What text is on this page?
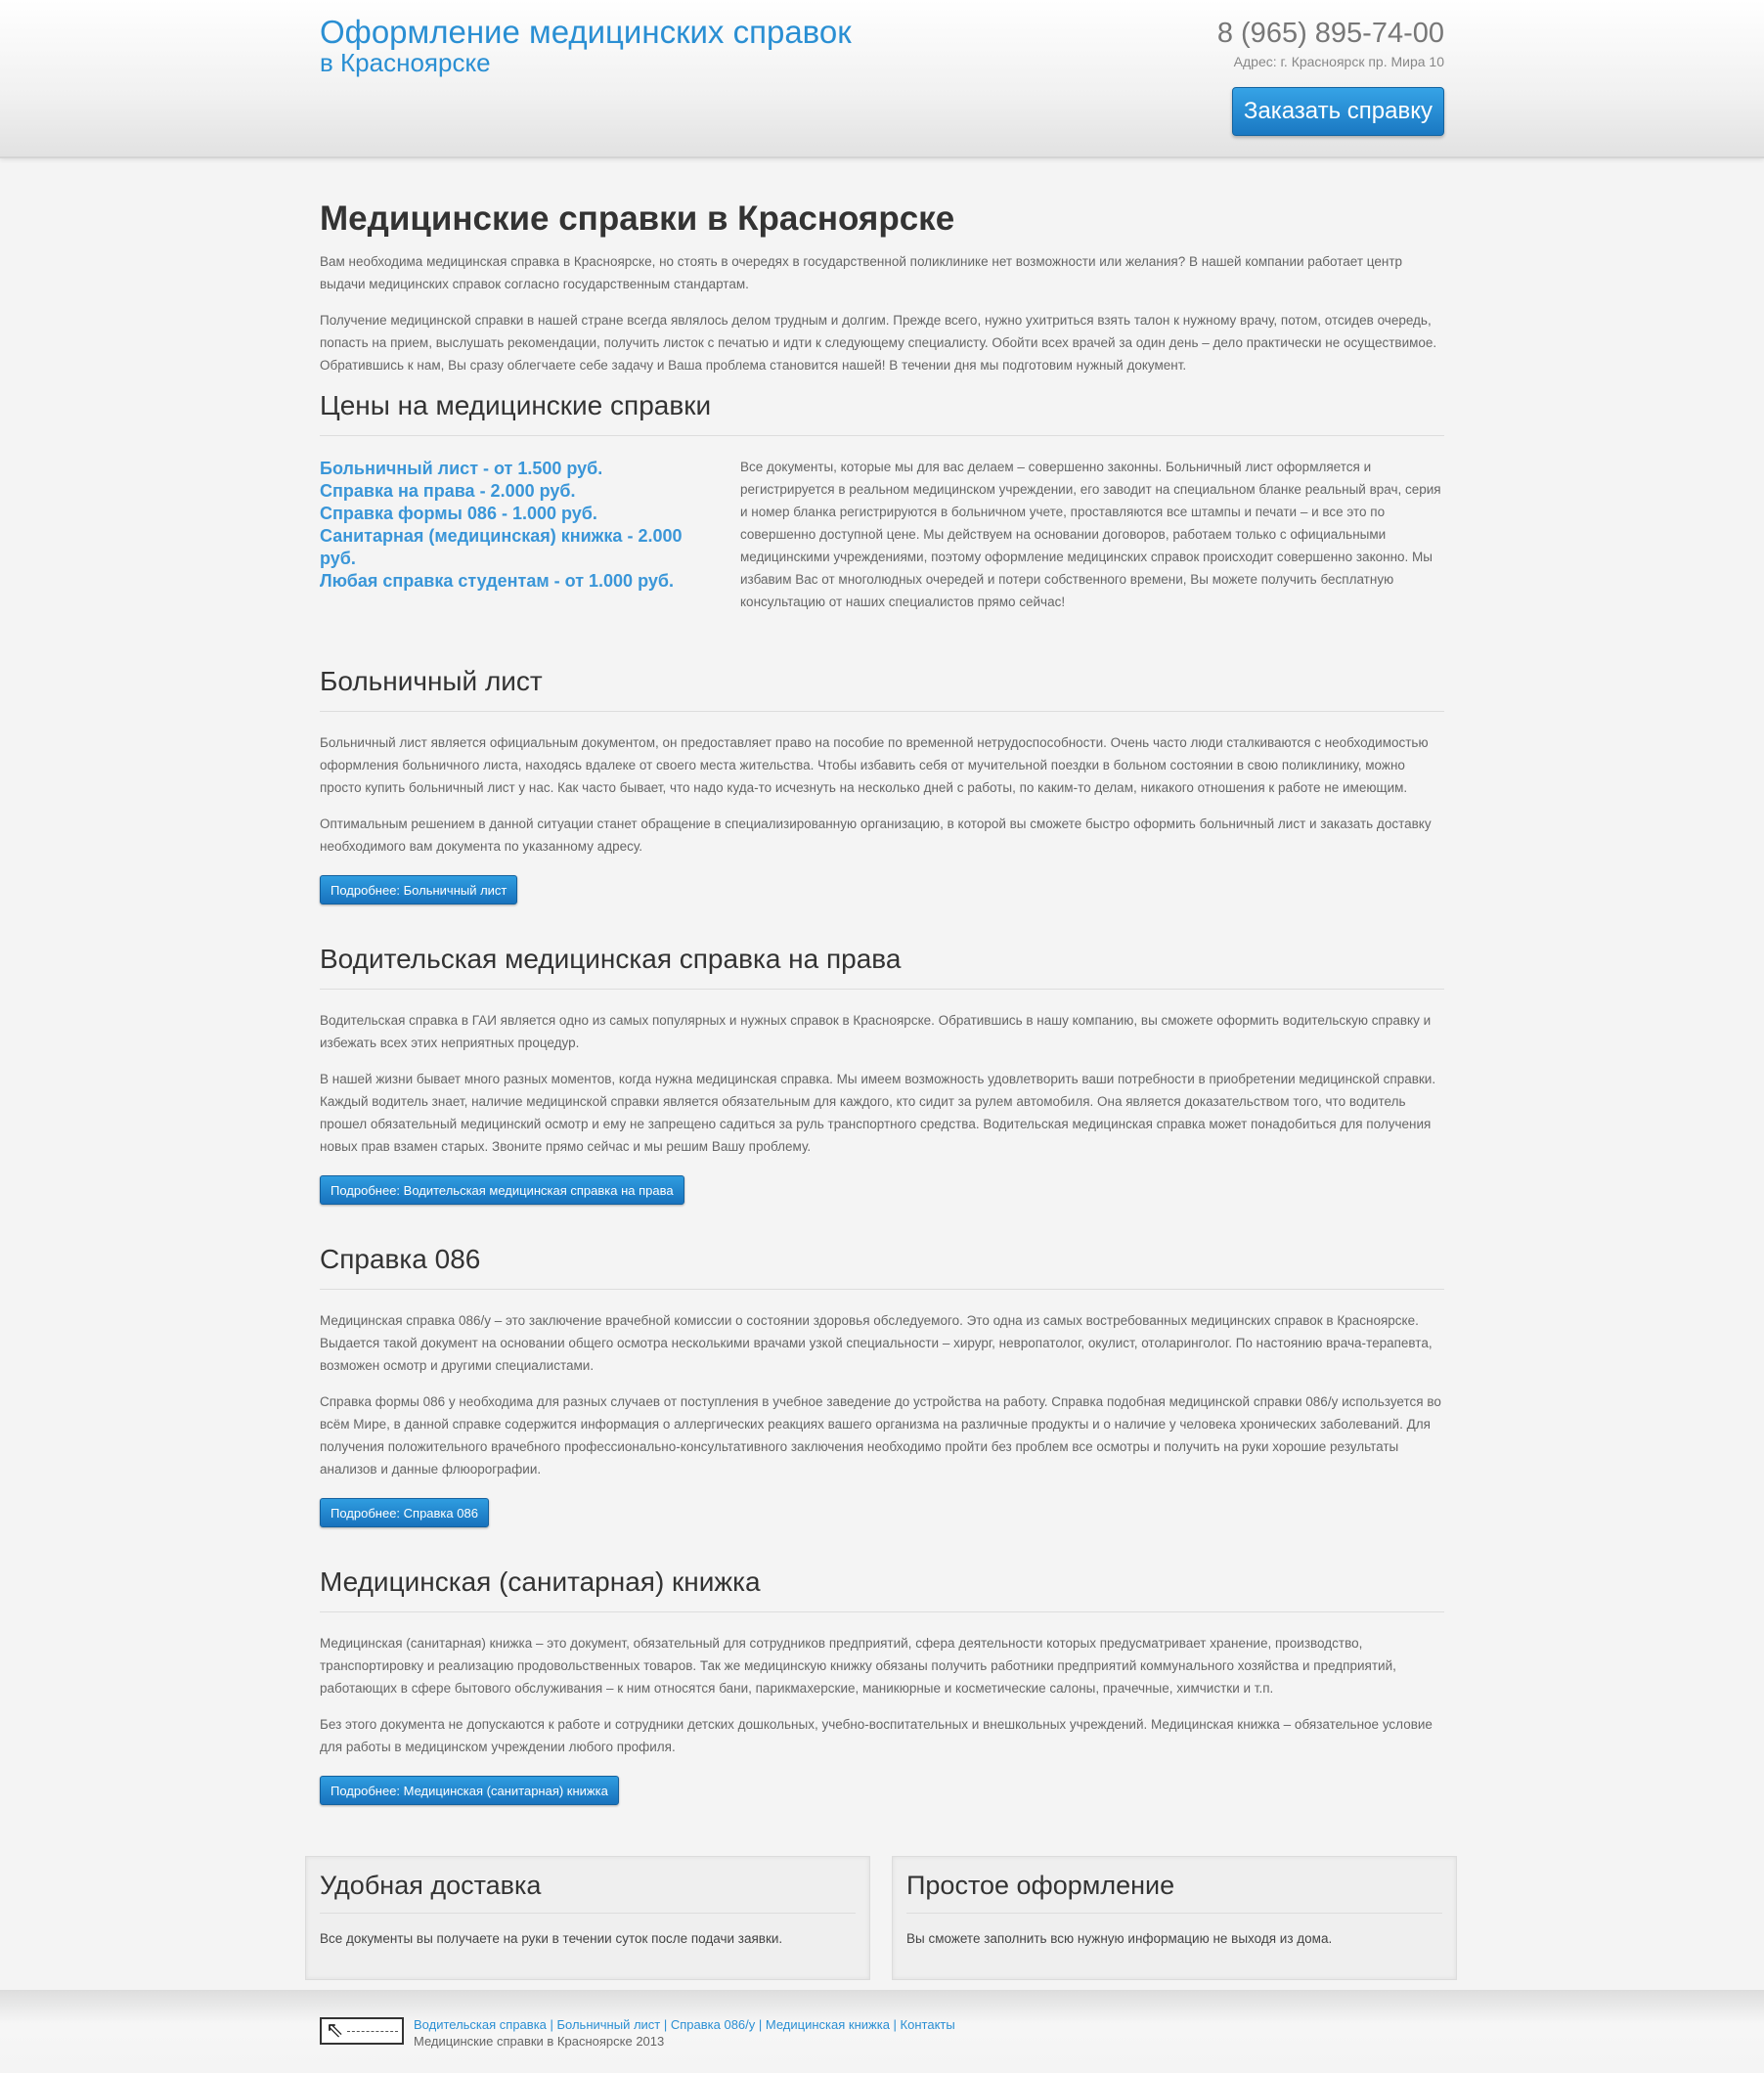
Оформление медицинских справок
в Красноярске
8 (965) 895-74-00
Адрес: г. Красноярск пр. Мира 10
Заказать справку
Медицинские справки в Красноярске

Вам необходима медицинская справка в Красноярске, но стоять в очередях в государственной поликлинике нет возможности или желания? В нашей компании работает центр выдачи медицинских справок согласно государственным стандартам.

Получение медицинской справки в нашей стране всегда являлось делом трудным и долгим. Прежде всего, нужно ухитриться взять талон к нужному врачу, потом, отсидев очередь, попасть на прием, выслушать рекомендации, получить листок с печатью и идти к следующему специалисту. Обойти всех врачей за один день – дело практически не осуществимое. Обратившись к нам, Вы сразу облегчаете себе задачу и Ваша проблема становится нашей! В течении дня мы подготовим нужный документ.

Цены на медицинские справки
Больничный лист - от 1.500 руб.
Справка на права - 2.000 руб.
Справка формы 086 - 1.000 руб.
Санитарная (медицинская) книжка - 2.000 руб.
Любая справка студентам - от 1.000 руб.

Все документы, которые мы для вас делаем – совершенно законны. Больничный лист оформляется и регистрируется в реальном медицинском учреждении, его заводит на специальном бланке реальный врач, серия и номер бланка регистрируются в больничном учете, проставляются все штампы и печати – и все это по совершенно доступной цене. Мы действуем на основании договоров, работаем только с официальными медицинскими учреждениями, поэтому оформление медицинских справок происходит совершенно законно. Мы избавим Вас от многолюдных очередей и потери собственного времени, Вы можете получить бесплатную консультацию от наших специалистов прямо сейчас!

Больничный лист

Больничный лист является официальным документом, он предоставляет право на пособие по временной нетрудоспособности. Очень часто люди сталкиваются с необходимостью оформления больничного листа, находясь вдалеке от своего места жительства. Чтобы избавить себя от мучительной поездки в больном состоянии в свою поликлинику, можно просто купить больничный лист у нас. Как часто бывает, что надо куда-то исчезнуть на несколько дней с работы, по каким-то делам, никакого отношения к работе не имеющим.

Оптимальным решением в данной ситуации станет обращение в специализированную организацию, в которой вы сможете быстро оформить больничный лист и заказать доставку необходимого вам документа по указанному адресу.

Подробнее: Больничный лист
Водительская медицинская справка на права

Водительская справка в ГАИ является одно из самых популярных и нужных справок в Красноярске. Обратившись в нашу компанию, вы сможете оформить водительскую справку и избежать всех этих неприятных процедур.

В нашей жизни бывает много разных моментов, когда нужна медицинская справка. Мы имеем возможность удовлетворить ваши потребности в приобретении медицинской справки. Каждый водитель знает, наличие медицинской справки является обязательным для каждого, кто сидит за рулем автомобиля. Она является доказательством того, что водитель прошел обязательный медицинский осмотр и ему не запрещено садиться за руль транспортного средства. Водительская медицинская справка может понадобиться для получения новых прав взамен старых. Звоните прямо сейчас и мы решим Вашу проблему.

Подробнее: Водительская медицинская справка на права
Справка 086

Медицинская справка 086/у – это заключение врачебной комиссии о состоянии здоровья обследуемого. Это одна из самых востребованных медицинских справок в Красноярске. Выдается такой документ на основании общего осмотра несколькими врачами узкой специальности – хирург, невропатолог, окулист, отоларинголог. По настоянию врача-терапевта, возможен осмотр и другими специалистами.

Справка формы 086 у необходима для разных случаев от поступления в учебное заведение до устройства на работу. Справка подобная медицинской справки 086/у используется во всём Мире, в данной справке содержится информация о аллергических реакциях вашего организма на различные продукты и о наличие у человека хронических заболеваний. Для получения положительного врачебного профессионально-консультативного заключения необходимо пройти без проблем все осмотры и получить на руки хорошие результаты анализов и данные флюорографии.

Подробнее: Справка 086
Медицинская (санитарная) книжка

Медицинская (санитарная) книжка – это документ, обязательный для сотрудников предприятий, сфера деятельности которых предусматривает хранение, производство, транспортировку и реализацию продовольственных товаров. Так же медицинскую книжку обязаны получить работники предприятий коммунального хозяйства и предприятий, работающих в сфере бытового обслуживания – к ним относятся бани, парикмахерские, маникюрные и косметические салоны, прачечные, химчистки и т.п.

Без этого документа не допускаются к работе и сотрудники детских дошкольных, учебно-воспитательных и внешкольных учреждений. Медицинская книжка – обязательное условие для работы в медицинском учреждении любого профиля.

Подробнее: Медицинская (санитарная) книжка
Удобная доставка

Все документы вы получаете на руки в течении суток после подачи заявки.

Простое оформление

Вы сможете заполнить всю нужную информацию не выходя из дома.

⇖	Водительская справка | Больничный лист | Справка 086/у | Медицинская книжка | Контакты
Медицинские справки в Красноярске 2013
